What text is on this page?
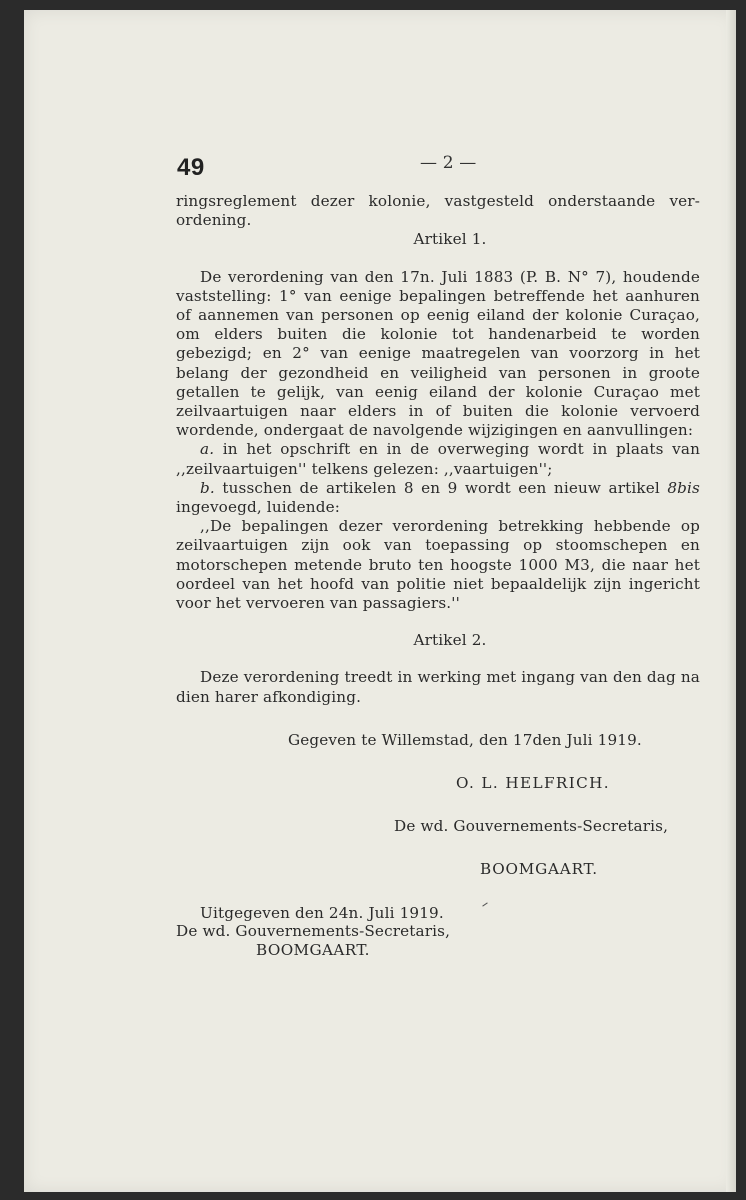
49	— 2 —

ringsreglement dezer kolonie, vastgesteld onderstaande ver-

ordening.

Artikel 1.

De verordening van den 17n. Juli 1883 (P. B. N° 7), houdende vaststelling: 1° van eenige bepalingen betreffende het aanhuren of aannemen van personen op eenig eiland der kolonie Curaçao, om elders buiten die kolonie tot handenarbeid te worden gebezigd; en 2° van eenige maatregelen van voorzorg in het belang der gezondheid en veiligheid van personen in groote getallen te gelijk, van eenig eiland der kolonie Curaçao met zeilvaartuigen naar elders in of buiten die kolonie vervoerd wordende, ondergaat de navolgende wijzigingen en aanvullingen:

a. in het opschrift en in de overweging wordt in plaats van ,,zeilvaartuigen'' telkens gelezen: ,,vaartuigen'';

b. tusschen de artikelen 8 en 9 wordt een nieuw artikel 8bis ingevoegd, luidende:

,,De bepalingen dezer verordening betrekking hebbende op zeilvaartuigen zijn ook van toepassing op stoomschepen en motorschepen metende bruto ten hoogste 1000 M3, die naar het oordeel van het hoofd van politie niet bepaaldelijk zijn ingericht voor het vervoeren van passagiers.''

Artikel 2.

Deze verordening treedt in werking met ingang van den dag na dien harer afkondiging.

Gegeven te Willemstad, den 17den Juli 1919.
O. L. HELFRICH.
De wd. Gouvernements-Secretaris,
BOOMGAART.
Uitgegeven den 24n. Juli 1919.
De wd. Gouvernements-Secretaris,
BOOMGAART.
